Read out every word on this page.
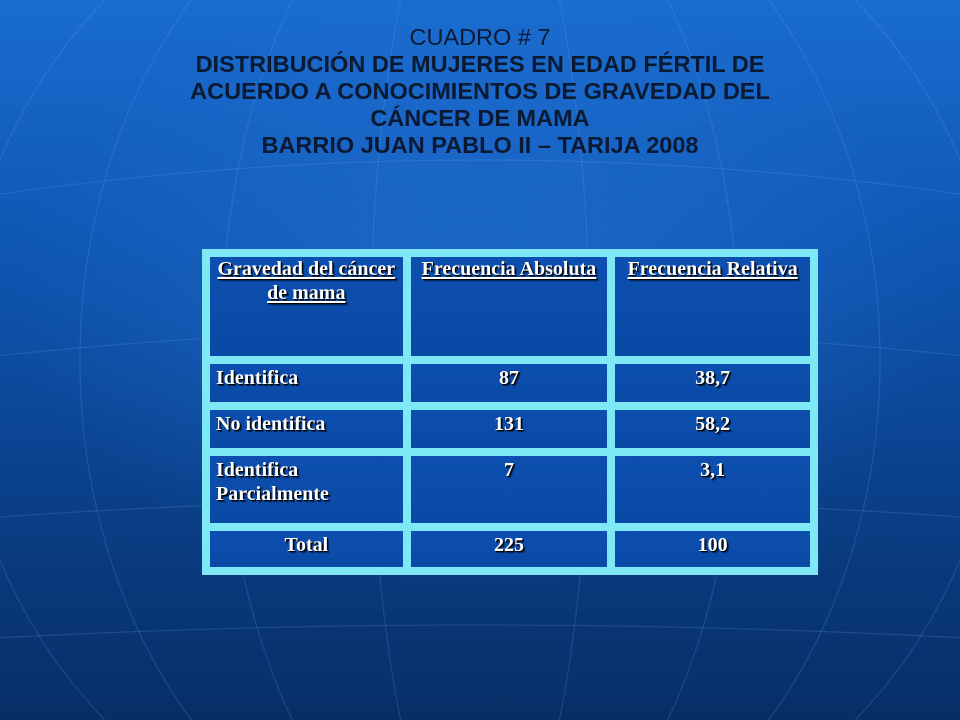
CUADRO # 7
DISTRIBUCIÓN DE MUJERES EN EDAD FÉRTIL DE
ACUERDO A CONOCIMIENTOS DE GRAVEDAD DEL
CÁNCER DE MAMA
BARRIO JUAN PABLO II – TARIJA 2008
Gravedad del cáncer de mama	Frecuencia Absoluta	Frecuencia Relativa

Identifica	87	38,7

No identifica	131	58,2

Identifica Parcialmente	7	3,1

Total	225	100
